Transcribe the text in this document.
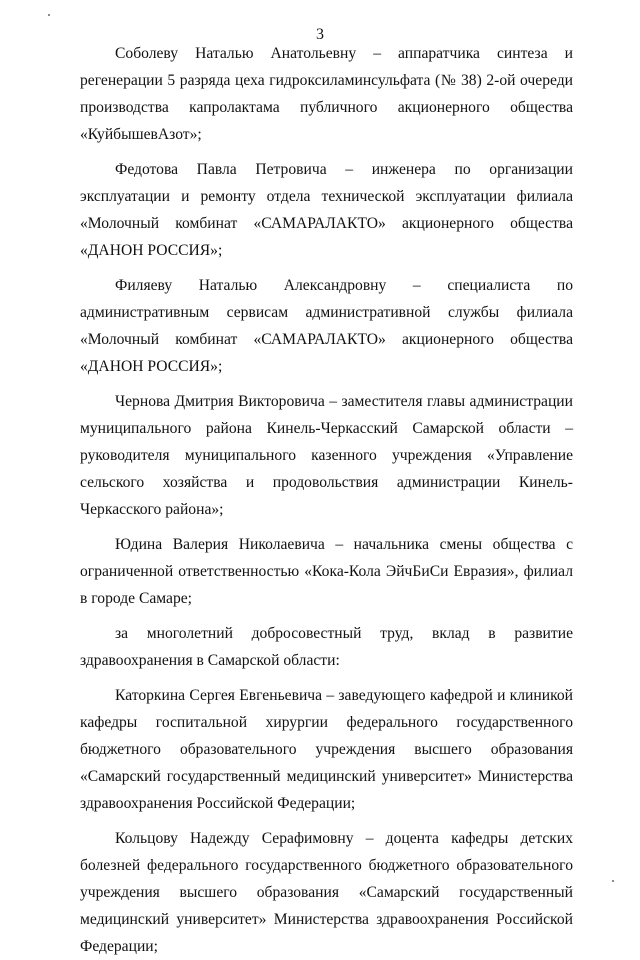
3

Соболеву Наталью Анатольевну – аппаратчика синтеза и регенерации 5 разряда цеха гидроксиламинсульфата (№ 38) 2-ой очереди производства капролактама публичного акционерного общества «КуйбышевАзот»;

Федотова Павла Петровича – инженера по организации эксплуатации и ремонту отдела технической эксплуатации филиала «Молочный комбинат «САМАРАЛАКТО» акционерного общества «ДАНОН РОССИЯ»;

Филяеву Наталью Александровну – специалиста по административным сервисам административной службы филиала «Молочный комбинат «САМАРАЛАКТО» акционерного общества «ДАНОН РОССИЯ»;

Чернова Дмитрия Викторовича – заместителя главы администрации муниципального района Кинель-Черкасский Самарской области – руководителя муниципального казенного учреждения «Управление сельского хозяйства и продовольствия администрации Кинель-Черкасского района»;

Юдина Валерия Николаевича – начальника смены общества с ограниченной ответственностью «Кока-Кола ЭйчБиСи Евразия», филиал в городе Самаре;

за многолетний добросовестный труд, вклад в развитие здравоохранения в Самарской области:

Каторкина Сергея Евгеньевича – заведующего кафедрой и клиникой кафедры госпитальной хирургии федерального государственного бюджетного образовательного учреждения высшего образования «Самарский государственный медицинский университет» Министерства здравоохранения Российской Федерации;

Кольцову Надежду Серафимовну – доцента кафедры детских болезней федерального государственного бюджетного образовательного учреждения высшего образования «Самарский государственный медицинский университет» Министерства здравоохранения Российской Федерации;
